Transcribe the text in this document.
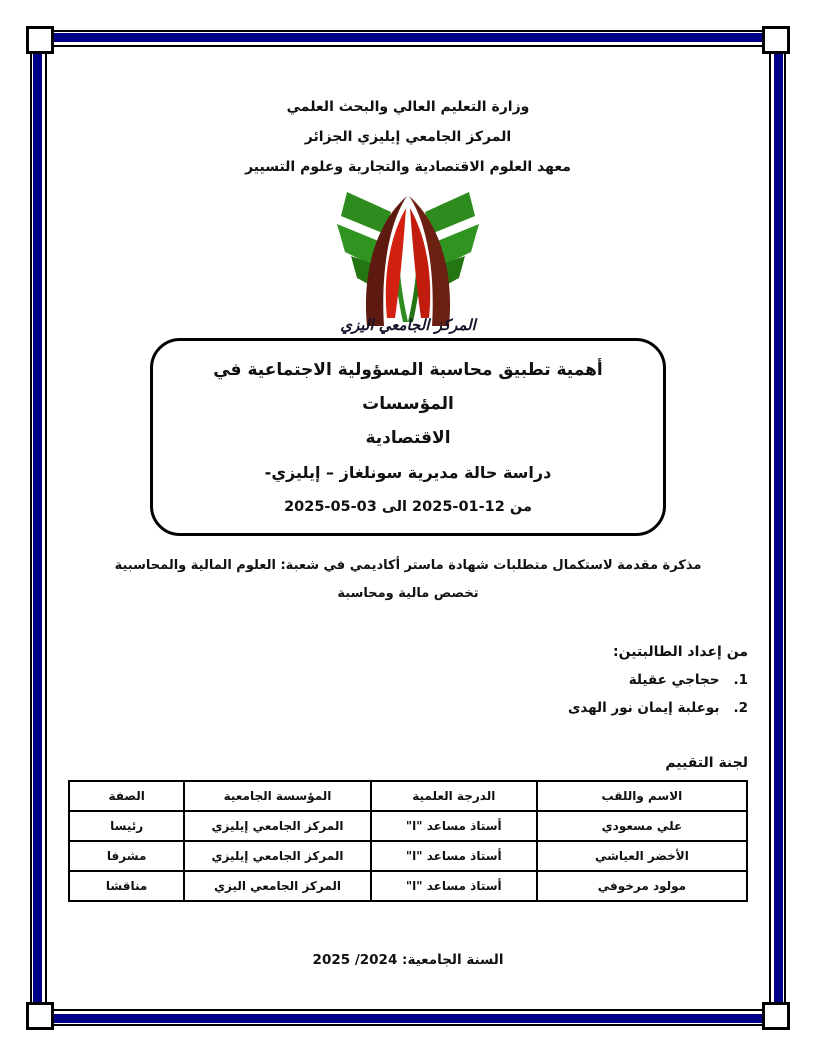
وزارة التعليم العالي والبحث العلمي
المركز الجامعي إيليزي الجزائر
معهد العلوم الاقتصادية والتجارية وعلوم التسيير
المركز الجامعي اليزي
أهمية تطبيق محاسبة المسؤولية الاجتماعية في المؤسسات
الاقتصادية
دراسة حالة مديرية سونلغاز – إيليزي-
من 12-01-2025 الى 03-05-2025
مذكرة مقدمة لاستكمال متطلبات شهادة ماستر أكاديمي في شعبة: العلوم المالية والمحاسبية
تخصص مالية ومحاسبة
من إعداد الطالبتين:
1.حجاجي عقيلة
2.بوعلبة إيمان نور الهدى
لجنة التقييم
الاسم واللقب	الدرجة العلمية	المؤسسة الجامعية	الصفة
علي مسعودي	أستاذ مساعد "ا"	المركز الجامعي إيليزي	رئيسا
الأخضر العياشي	أستاذ مساعد "ا"	المركز الجامعي إيليزي	مشرفا
مولود مرخوفي	أستاذ مساعد "ا"	المركز الجامعي اليزي	مناقشا
السنة الجامعية: 2024/ 2025
